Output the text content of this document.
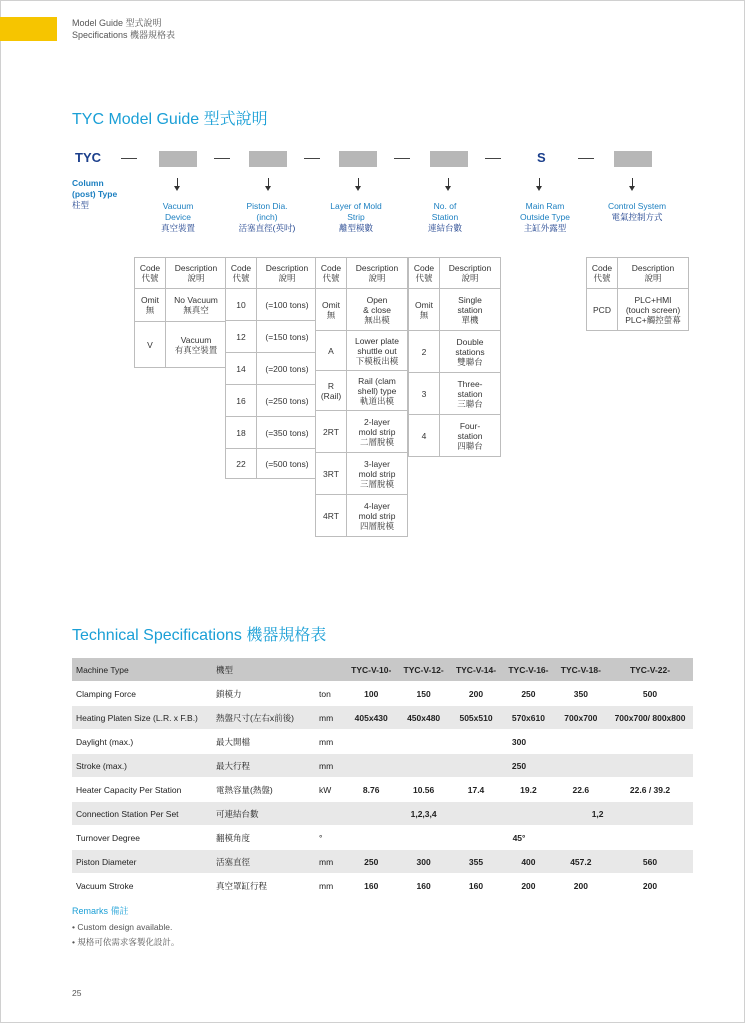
Model Guide 型式說明
Specifications 機器規格表
TYC Model Guide 型式說明
TYC	S
Column
(post) Type
柱型	Vacuum
Device
真空裝置
Piston Dia.
(inch)
活塞直徑(英吋)
Layer of Mold
Strip
離型模數
No. of
Station
連結台數
Main Ram
Outside Type
主缸外露型
Control System
電氣控制方式
Code
代號	Description
說明
Omit
無	No Vacuum
無真空
V	Vacuum
有真空裝置
Code
代號	Description
說明
10	(=100 tons)
12	(=150 tons)
14	(=200 tons)
16	(=250 tons)
18	(=350 tons)
22	(=500 tons)
Code
代號	Description
說明
Omit
無	Open
& close
無出模
A	Lower plate
shuttle out
下模板出模
R
(Rail)	Rail (clam
shell) type
軌道出模
2RT	2-layer
mold strip
二層脫模
3RT	3-layer
mold strip
三層脫模
4RT	4-layer
mold strip
四層脫模
Code
代號	Description
說明
Omit
無	Single
station
單機
2	Double
stations
雙聯台
3	Three-
station
三聯台
4	Four-
station
四聯台
Code
代號	Description
說明
PCD	PLC+HMI
(touch screen)
PLC+觸控螢幕
Technical Specifications 機器規格表
Machine Type	機型		TYC-V-10-	TYC-V-12-	TYC-V-14-	TYC-V-16-	TYC-V-18-	TYC-V-22-
Clamping Force	鎖模力	ton	100	150	200	250	350	500
Heating Platen Size (L.R. x F.B.)	熱盤尺寸(左右x前後)	mm	405x430	450x480	505x510	570x610	700x700	700x700/ 800x800
Daylight (max.)	最大開檔	mm	300					
Stroke (max.)	最大行程	mm	250					
Heater Capacity Per Station	電熱容量(熱盤)	kW	8.76	10.56	17.4	19.2	22.6	22.6 / 39.2
Connection Station Per Set	可連結台數		1,2,3,4			1,2		
Turnover Degree	翻模角度	°	45°					
Piston Diameter	活塞直徑	mm	250	300	355	400	457.2	560
Vacuum Stroke	真空罩缸行程	mm	160	160	160	200	200	200
Remarks 備註
• Custom design available.
• 規格可依需求客製化設計。
25
